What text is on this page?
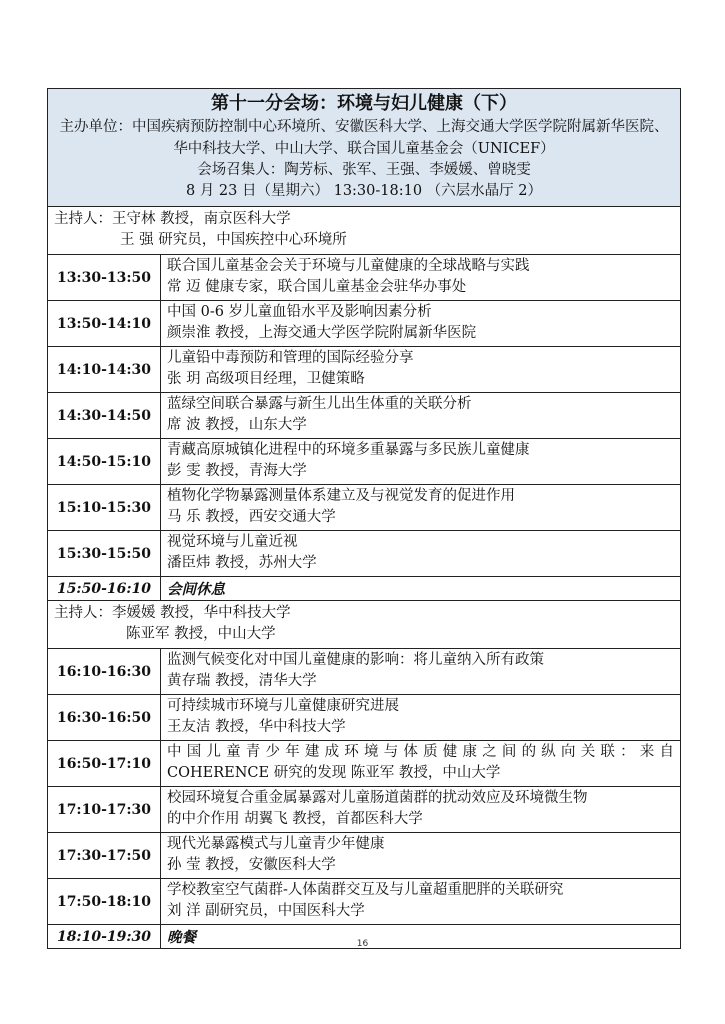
第十一分会场：环境与妇儿健康（下）
主办单位：中国疾病预防控制中心环境所、安徽医科大学、上海交通大学医学院附属新华医院、华中科技大学、中山大学、联合国儿童基金会（UNICEF）
会场召集人：陶芳标、张军、王强、李媛媛、曾晓雯
8 月 23 日（星期六） 13:30-18:10 （六层水晶厅 2）	

主持人：王守林 教授，南京医科大学
王 强 研究员，中国疾控中心环境所	

13:30-13:50	联合国儿童基金会关于环境与儿童健康的全球战略与实践
常 迈 健康专家，联合国儿童基金会驻华办事处

13:50-14:10	中国 0-6 岁儿童血铅水平及影响因素分析
颜崇淮 教授，上海交通大学医学院附属新华医院

14:10-14:30	儿童铅中毒预防和管理的国际经验分享
张 玥 高级项目经理，卫健策略

14:30-14:50	蓝绿空间联合暴露与新生儿出生体重的关联分析
席 波 教授，山东大学

14:50-15:10	青藏高原城镇化进程中的环境多重暴露与多民族儿童健康
彭 雯 教授，青海大学

15:10-15:30	植物化学物暴露测量体系建立及与视觉发育的促进作用
马 乐 教授，西安交通大学

15:30-15:50	视觉环境与儿童近视
潘臣炜 教授，苏州大学

15:50-16:10	会间休息

主持人：李媛媛 教授，华中科技大学
陈亚军 教授，中山大学	

16:10-16:30	监测气候变化对中国儿童健康的影响：将儿童纳入所有政策
黄存瑞 教授，清华大学

16:30-16:50	可持续城市环境与儿童健康研究进展
王友洁 教授，华中科技大学

16:50-17:10	中国儿童青少年建成环境与体质健康之间的纵向关联：来自
COHERENCE 研究的发现 陈亚军 教授，中山大学

17:10-17:30	校园环境复合重金属暴露对儿童肠道菌群的扰动效应及环境微生物
的中介作用 胡翼飞 教授，首都医科大学

17:30-17:50	现代光暴露模式与儿童青少年健康
孙 莹 教授，安徽医科大学

17:50-18:10	学校教室空气菌群-人体菌群交互及与儿童超重肥胖的关联研究
刘 洋 副研究员，中国医科大学

18:10-19:30	晚餐	16
